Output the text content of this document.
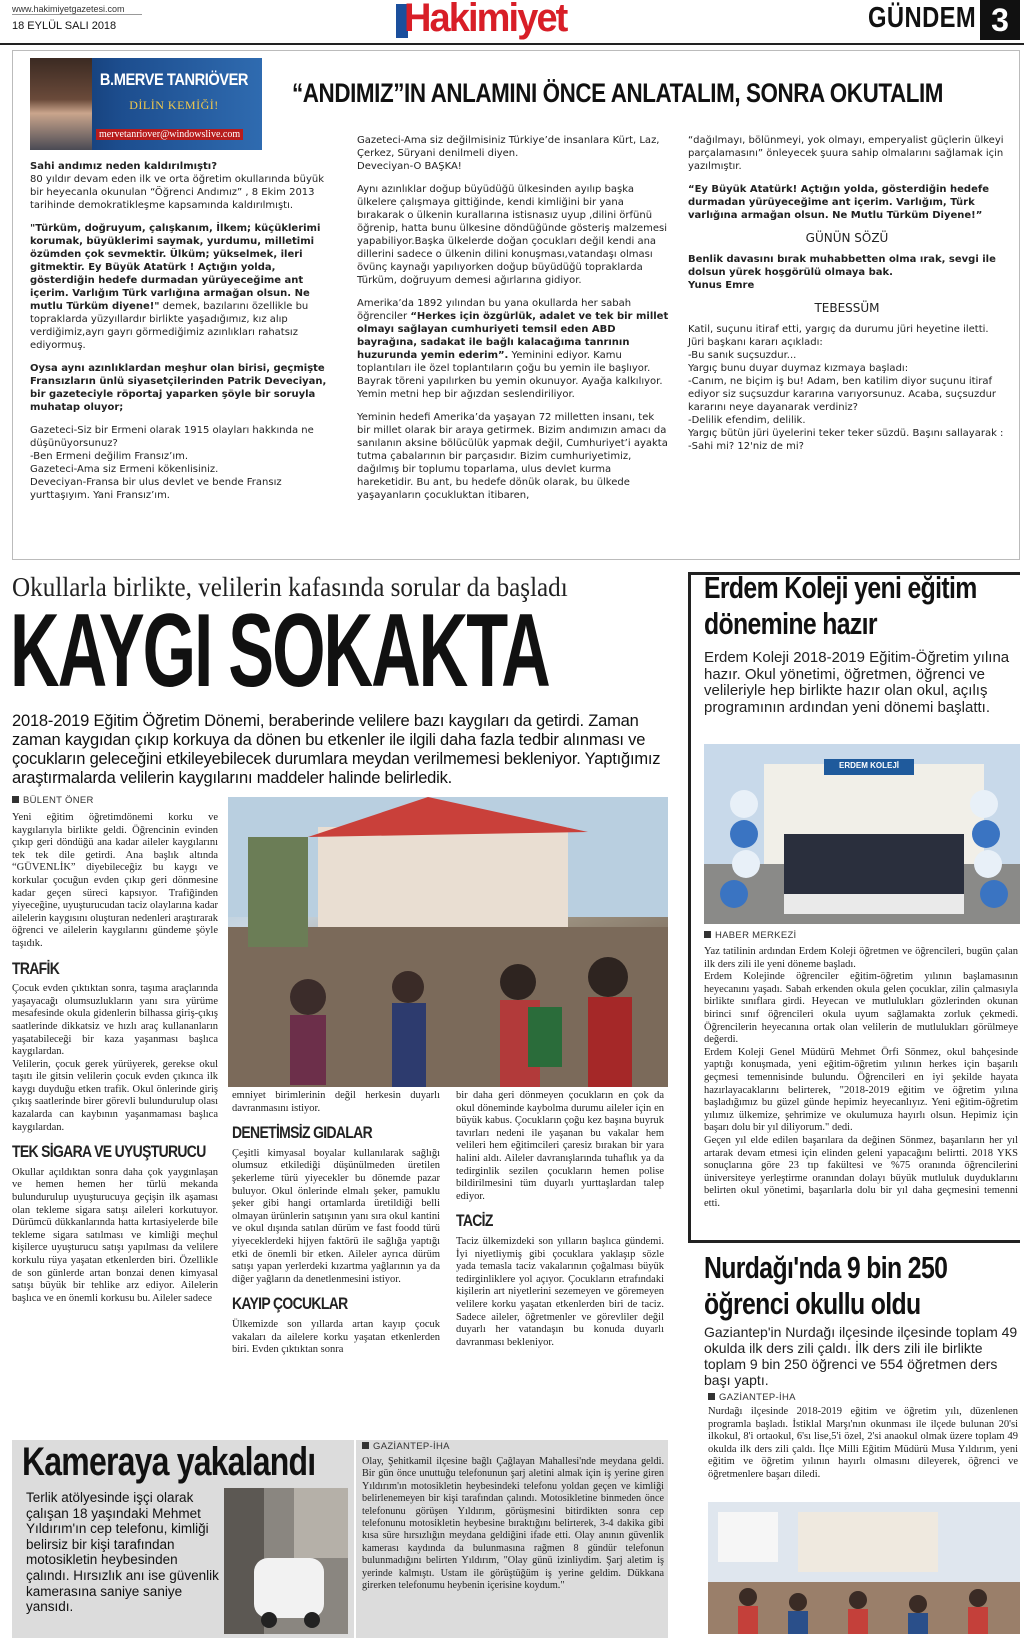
www.hakimiyetgazetesi.com
18 EYLÜL SALI 2018	Hakimiyet	GÜNDEM 3
B.MERVE TANRIÖVER
DİLİN KEMİĞİ!
mervetanriover@windowslive.com
“ANDIMIZ”IN ANLAMINI ÖNCE ANLATALIM, SONRA OKUTALIM

Sahi andımız neden kaldırılmıştı?

80 yıldır devam eden ilk ve orta öğretim okullarında büyük bir heyecanla okunulan “Öğrenci Andımız” , 8 Ekim 2013 tarihinde demokratikleşme kapsamında kaldırılmıştı.

"Türküm, doğruyum, çalışkanım, İlkem; küçüklerimi korumak, büyüklerimi saymak, yurdumu, milletimi özümden çok sevmektir. Ülküm; yükselmek, ileri gitmektir. Ey Büyük Atatürk ! Açtığın yolda, gösterdiğin hedefe durmadan yürüyeceğime ant içerim. Varlığım Türk varlığına armağan olsun. Ne mutlu Türküm diyene!" demek, bazılarını özellikle bu topraklarda yüzyıllardır birlikte yaşadığımız, kız alıp verdiğimiz,ayrı gayrı görmediğimiz azınlıkları rahatsız ediyormuş.

Oysa aynı azınlıklardan meşhur olan birisi, geçmişte Fransızların ünlü siyasetçilerinden Patrik Deveciyan, bir gazeteciyle röportaj yaparken şöyle bir soruyla muhatap oluyor;

Gazeteci-Siz bir Ermeni olarak 1915 olayları hakkında ne düşünüyorsunuz?

-Ben Ermeni değilim Fransız’ım.

Gazeteci-Ama siz Ermeni kökenlisiniz.

Deveciyan-Fransa bir ulus devlet ve bende Fransız yurttaşıyım. Yani Fransız’ım.

Gazeteci-Ama siz değilmisiniz Türkiye’de insanlara Kürt, Laz, Çerkez, Süryani denilmeli diyen.

Deveciyan-O BAŞKA!

Aynı azınlıklar doğup büyüdüğü ülkesinden ayılıp başka ülkelere çalışmaya gittiğinde, kendi kimliğini bir yana bırakarak o ülkenin kurallarına istisnasız uyup ,dilini örfünü öğrenip, hatta bunu ülkesine döndüğünde gösteriş malzemesi yapabiliyor.Başka ülkelerde doğan çocukları değil kendi ana dillerini sadece o ülkenin dilini konuşması,vatandaşı olması övünç kaynağı yapılıyorken doğup büyüdüğü topraklarda Türküm, doğruyum demesi ağırlarına gidiyor.

Amerika’da 1892 yılından bu yana okullarda her sabah öğrenciler “Herkes için özgürlük, adalet ve tek bir millet olmayı sağlayan cumhuriyeti temsil eden ABD bayrağına, sadakat ile bağlı kalacağıma tanrının huzurunda yemin ederim”. Yeminini ediyor. Kamu toplantıları ile özel toplantıların çoğu bu yemin ile başlıyor. Bayrak töreni yapılırken bu yemin okunuyor. Ayağa kalkılıyor. Yemin metni hep bir ağızdan seslendiriliyor.

Yeminin hedefi Amerika’da yaşayan 72 milletten insanı, tek bir millet olarak bir araya getirmek. Bizim andımızın amacı da sanılanın aksine bölücülük yapmak değil, Cumhuriyet’i ayakta tutma çabalarının bir parçasıdır. Bizim cumhuriyetimiz, dağılmış bir toplumu toparlama, ulus devlet kurma hareketidir. Bu ant, bu hedefe dönük olarak, bu ülkede yaşayanların çocukluktan itibaren,

“dağılmayı, bölünmeyi, yok olmayı, emperyalist güçlerin ülkeyi parçalamasını” önleyecek şuura sahip olmalarını sağlamak için yazılmıştır.

“Ey Büyük Atatürk! Açtığın yolda, gösterdiğin hedefe durmadan yürüyeceğime ant içerim. Varlığım, Türk varlığına armağan olsun. Ne Mutlu Türküm Diyene!”

GÜNÜN SÖZÜ

Benlik davasını bırak muhabbetten olma ırak, sevgi ile dolsun yürek hoşgörülü olmaya bak.

Yunus Emre

TEBESSÜM

Katil, suçunu itiraf etti, yargıç da durumu jüri heyetine iletti. Jüri başkanı kararı açıkladı:

-Bu sanık suçsuzdur...

Yargıç bunu duyar duymaz kızmaya başladı:

-Canım, ne biçim iş bu! Adam, ben katilim diyor suçunu itiraf ediyor siz suçsuzdur kararına varıyorsunuz. Acaba, suçsuzdur kararını neye dayanarak verdiniz?

-Delilik efendim, delilik.

Yargıç bütün jüri üyelerini teker teker süzdü. Başını sallayarak :

-Sahi mi? 12'niz de mi?

Okullarla birlikte, velilerin kafasında sorular da başladı
KAYGI SOKAKTA
2018-2019 Eğitim Öğretim Dönemi, beraberinde velilere bazı kaygıları da getirdi. Zaman zaman kaygıdan çıkıp korkuya da dönen bu etkenler ile ilgili daha fazla tedbir alınması ve çocukların geleceğini etkileyebilecek durumlara meydan verilmemesi bekleniyor. Yaptığımız araştırmalarda velilerin kaygılarını maddeler halinde belirledik.
BÜLENT ÖNER

Yeni eğitim öğretimdönemi korku ve kaygılarıyla birlikte geldi. Öğrencinin evinden çıkıp geri döndüğü ana kadar aileler kaygılarını tek tek dile getirdi. Ana başlık altında “GÜVENLİK” diyebileceğiz bu kaygı ve korkular çocuğun evden çıkıp geri dönmesine kadar geçen süreci kapsıyor. Trafiğinden yiyeceğine, uyuşturucudan taciz olaylarına kadar ailelerin kaygısını oluşturan nedenleri araştırarak öğrenci ve ailelerin kaygılarını gündeme şöyle taşıdık.

TRAFİK

Çocuk evden çıktıktan sonra, taşıma araçlarında yaşayacağı olumsuzlukların yanı sıra yürüme mesafesinde okula gidenlerin bilhassa giriş-çıkış saatlerinde dikkatsiz ve hızlı araç kullananların yaşatabileceği bir kaza yaşanması başlıca kaygılardan.

Velilerin, çocuk gerek yürüyerek, gerekse okul taşıtı ile gitsin velilerin çocuk evden çıkınca ilk kaygı duyduğu etken trafik. Okul önlerinde giriş çıkış saatlerinde birer görevli bulundurulup olası kazalarda can kaybının yaşanmaması başlıca kaygılardan.

TEK SİGARA VE UYUŞTURUCU

Okullar açıldıktan sonra daha çok yaygınlaşan ve hemen hemen her türlü mekanda bulundurulup uyuşturucuya geçişin ilk aşaması olan tekleme sigara satışı aileleri korkutuyor. Dürümcü dükkanlarında hatta kırtasiyelerde bile tekleme sigara satılması ve kimliği meçhul kişilerce uyuşturucu satışı yapılması da velilere korkulu rüya yaşatan etkenlerden biri. Özellikle de son günlerde artan bonzai denen kimyasal satışı büyük bir tehlike arz ediyor. Ailelerin başlıca ve en önemli korkusu bu. Aileler sadece

emniyet birimlerinin değil herkesin duyarlı davranmasını istiyor.

DENETİMSİZ GIDALAR

Çeşitli kimyasal boyalar kullanılarak sağlığı olumsuz etkilediği düşünülmeden üretilen şekerleme türü yiyecekler bu dönemde pazar buluyor. Okul önlerinde elmalı şeker, pamuklu şeker gibi hangi ortamlarda üretildiği belli olmayan ürünlerin satışının yanı sıra okul kantini ve okul dışında satılan dürüm ve fast foodd türü yiyeceklerdeki hijyen faktörü ile sağlığa yaptığı etki de önemli bir etken. Aileler ayrıca dürüm satışı yapan yerlerdeki kızartma yağlarının ya da diğer yağların da denetlenmesini istiyor.

KAYIP ÇOCUKLAR

Ülkemizde son yıllarda artan kayıp çocuk vakaları da ailelere korku yaşatan etkenlerden biri. Evden çıktıktan sonra

bir daha geri dönmeyen çocukların en çok da okul döneminde kaybolma durumu aileler için en büyük kabus. Çocukların çoğu kez başına buyruk tavırları nedeni ile yaşanan bu vakalar hem velileri hem eğitimcileri çaresiz bırakan bir yara halini aldı. Aileler davranışlarında tuhaflık ya da tedirginlik sezilen çocukların hemen polise bildirilmesini tüm duyarlı yurttaşlardan talep ediyor.

TACİZ

Taciz ülkemizdeki son yılların başlıca gündemi. İyi niyetliymiş gibi çocuklara yaklaşıp sözle yada temasla taciz vakalarının çoğalması büyük tedirginliklere yol açıyor. Çocukların etrafındaki kişilerin art niyetlerini sezemeyen ve göremeyen velilere korku yaşatan etkenlerden biri de taciz. Sadece aileler, öğretmenler ve görevliler değil duyarlı her vatandaşın bu konuda duyarlı davranması bekleniyor.

Erdem Koleji yeni eğitim dönemine hazır
Erdem Koleji 2018-2019 Eğitim-Öğretim yılına hazır. Okul yönetimi, öğretmen, öğrenci ve velileriyle hep birlikte hazır olan okul, açılış programının ardından yeni dönemi başlattı.
ERDEM KOLEJİ
HABER MERKEZİ

Yaz tatilinin ardından Erdem Koleji öğretmen ve öğrencileri, bugün çalan ilk ders zili ile yeni döneme başladı.

Erdem Kolejinde öğrenciler eğitim-öğretim yılının başlamasının heyecanını yaşadı. Sabah erkenden okula gelen çocuklar, zilin çalmasıyla birlikte sınıflara girdi. Heyecan ve mutlulukları gözlerinden okunan birinci sınıf öğrencileri okula uyum sağlamakta zorluk çekmedi. Öğrencilerin heyecanına ortak olan velilerin de mutlulukları görülmeye değerdi.

Erdem Koleji Genel Müdürü Mehmet Örfi Sönmez, okul bahçesinde yaptığı konuşmada, yeni eğitim-öğretim yılının herkes için başarılı geçmesi temennisinde bulundu. Öğrencileri en iyi şekilde hayata hazırlayacaklarını belirterek, "2018-2019 eğitim ve öğretim yılına başladığımız bu güzel günde hepimiz heyecanlıyız. Yeni eğitim-öğretim yılımız ülkemize, şehrimize ve okulumuza hayırlı olsun. Hepimiz için başarı dolu bir yıl diliyorum." dedi.

Geçen yıl elde edilen başarılara da değinen Sönmez, başarıların her yıl artarak devam etmesi için elinden geleni yapacağını belirtti. 2018 YKS sonuçlarına göre 23 tıp fakültesi ve %75 oranında öğrencilerini üniversiteye yerleştirme oranından dolayı büyük mutluluk duyduklarını belirten okul yönetimi, başarılarla dolu bir yıl daha geçmesini temenni etti.

Nurdağı'nda 9 bin 250 öğrenci okullu oldu
Gaziantep'in Nurdağı ilçesinde ilçesinde toplam 49 okulda ilk ders zili çaldı. İlk ders zili ile birlikte toplam 9 bin 250 öğrenci ve 554 öğretmen ders başı yaptı.
GAZİANTEP-İHA

Nurdağı ilçesinde 2018-2019 eğitim ve öğretim yılı, düzenlenen programla başladı. İstiklal Marşı'nın okunması ile ilçede bulunan 20'si ilkokul, 8'i ortaokul, 6'sı lise,5'i özel, 2'si anaokul olmak üzere toplam 49 okulda ilk ders zili çaldı. İlçe Milli Eğitim Müdürü Musa Yıldırım, yeni eğitim ve öğretim yılının hayırlı olmasını dileyerek, öğrenci ve öğretmenlere başarı diledi.

Kameraya yakalandı
Terlik atölyesinde işçi olarak çalışan 18 yaşındaki Mehmet Yıldırım'ın cep telefonu, kimliği belirsiz bir kişi tarafından motosikletin heybesinden çalındı. Hırsızlık anı ise güvenlik kamerasına saniye saniye yansıdı.
GAZİANTEP-İHA

Olay, Şehitkamil ilçesine bağlı Çağlayan Mahallesi'nde meydana geldi. Bir gün önce unuttuğu telefonunun şarj aletini almak için iş yerine giren Yıldırım'ın motosikletin heybesindeki telefonu yoldan geçen ve kimliği belirlenemeyen bir kişi tarafından çalındı. Motosikletine binmeden önce telefonunu görüşen Yıldırım, görüşmesini bitirdikten sonra cep telefonunu motosikletin heybesine bıraktığını belirterek, 3-4 dakika gibi kısa süre hırsızlığın meydana geldiğini ifade etti. Olay anının güvenlik kamerası kaydında da bulunmasına rağmen 8 gündür telefonun bulunmadığını belirten Yıldırım, "Olay günü izinliydim. Şarj aletim iş yerinde kalmıştı. Ustam ile görüştüğüm iş yerine geldim. Dükkana girerken telefonumu heybenin içerisine koydum."
